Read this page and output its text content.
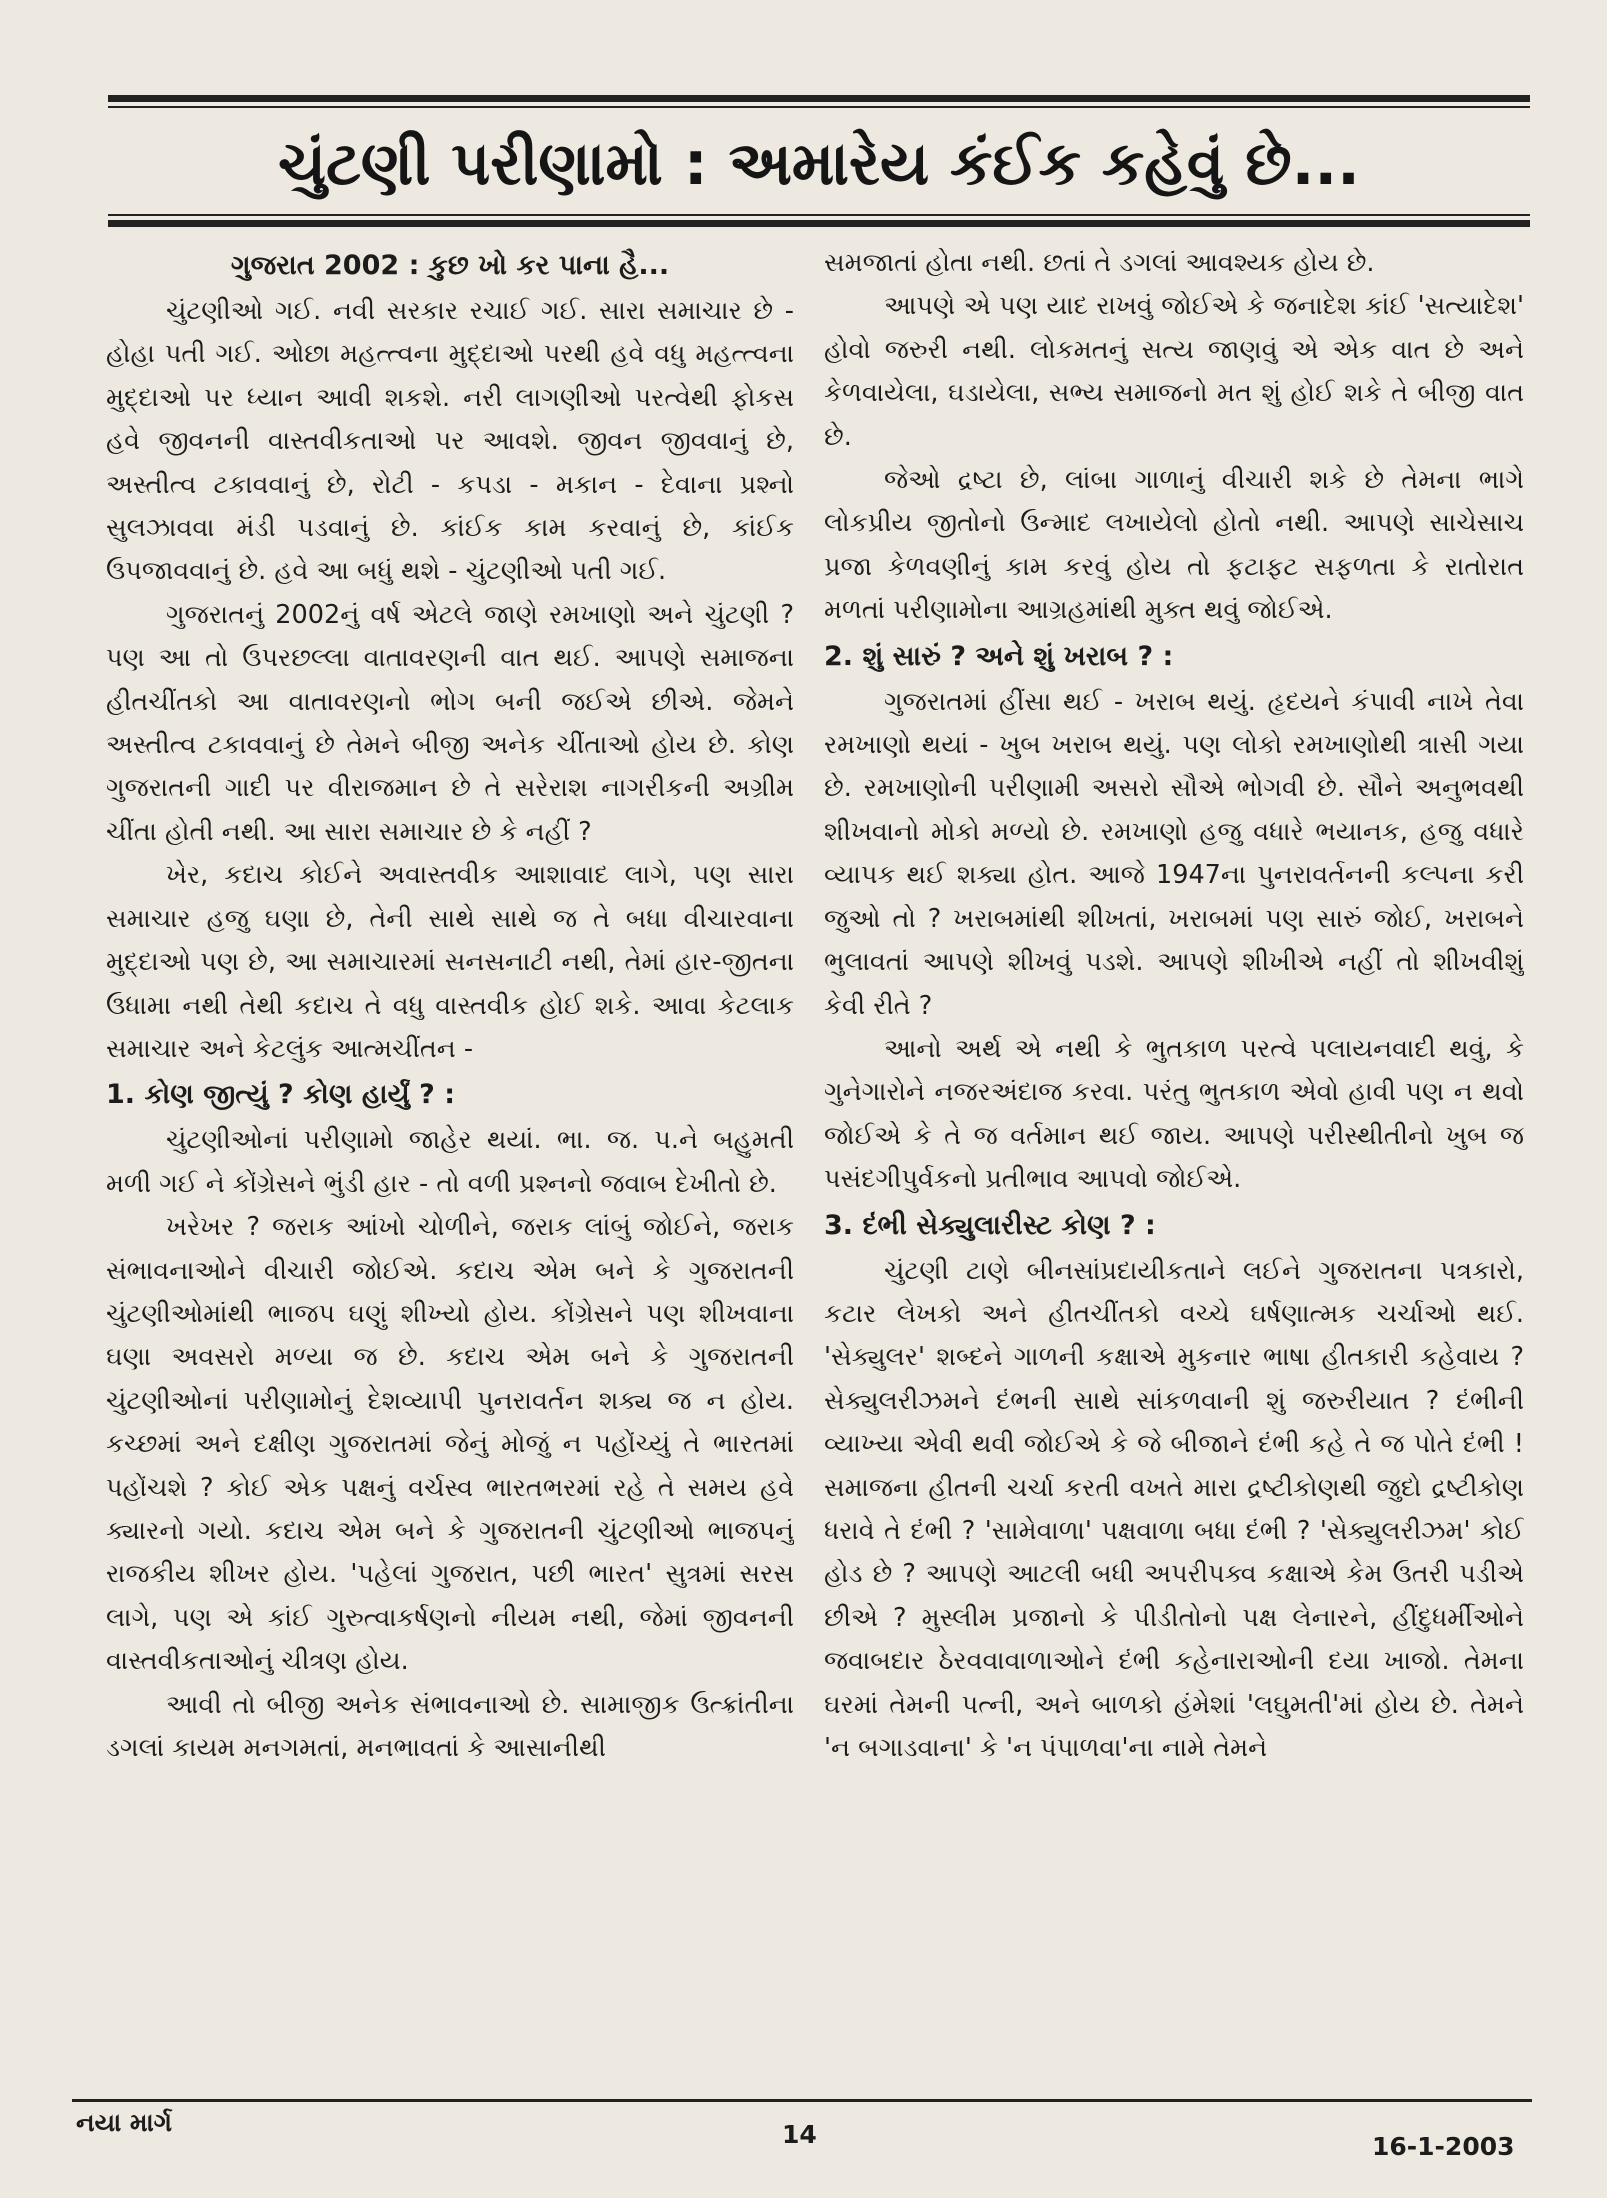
ચુંટણી પરીણામો : અમારેય કંઈક કહેવું છે...
ગુજરાત 2002 : કુછ ખો કર પાના હૈ...

ચુંટણીઓ ગઈ. નવી સરકાર રચાઈ ગઈ. સારા સમાચાર છે - હોહા પતી ગઈ. ઓછા મહત્ત્વના મુદ્દાઓ પરથી હવે વધુ મહત્ત્વના મુદ્દાઓ પર ધ્યાન આવી શકશે. નરી લાગણીઓ પરત્વેથી ફોકસ હવે જીવનની વાસ્તવીકતાઓ પર આવશે. જીવન જીવવાનું છે, અસ્તીત્વ ટકાવવાનું છે, રોટી - કપડા - મકાન - દેવાના પ્રશ્નો સુલઝાવવા મંડી પડવાનું છે. કાંઈક કામ કરવાનું છે, કાંઈક ઉપજાવવાનું છે. હવે આ બધું થશે - ચુંટણીઓ પતી ગઈ.

ગુજરાતનું 2002નું વર્ષ એટલે જાણે રમખાણો અને ચુંટણી ? પણ આ તો ઉપરછલ્લા વાતાવરણની વાત થઈ. આપણે સમાજના હીતચીંતકો આ વાતાવરણનો ભોગ બની જઈએ છીએ. જેમને અસ્તીત્વ ટકાવવાનું છે તેમને બીજી અનેક ચીંતાઓ હોય છે. કોણ ગુજરાતની ગાદી પર વીરાજમાન છે તે સરેરાશ નાગરીકની અગ્રીમ ચીંતા હોતી નથી. આ સારા સમાચાર છે કે નહીં ?

ખેર, કદાચ કોઈને અવાસ્તવીક આશાવાદ લાગે, પણ સારા સમાચાર હજુ ઘણા છે, તેની સાથે સાથે જ તે બધા વીચારવાના મુદ્દાઓ પણ છે, આ સમાચારમાં સનસનાટી નથી, તેમાં હાર-જીતના ઉધામા નથી તેથી કદાચ તે વધુ વાસ્તવીક હોઈ શકે. આવા કેટલાક સમાચાર અને કેટલુંક આત્મચીંતન -

1. કોણ જીત્યું ? કોણ હાર્યું ? :

ચુંટણીઓનાં પરીણામો જાહેર થયાં. ભા. જ. પ.ને બહુમતી મળી ગઈ ને કોંગ્રેસને ભુંડી હાર - તો વળી પ્રશ્નનો જવાબ દેખીતો છે.

ખરેખર ? જરાક આંખો ચોળીને, જરાક લાંબું જોઈને, જરાક સંભાવનાઓને વીચારી જોઈએ. કદાચ એમ બને કે ગુજરાતની ચુંટણીઓમાંથી ભાજપ ઘણું શીખ્યો હોય. કોંગ્રેસને પણ શીખવાના ઘણા અવસરો મળ્યા જ છે. કદાચ એમ બને કે ગુજરાતની ચુંટણીઓનાં પરીણામોનું દેશવ્યાપી પુનરાવર્તન શક્ય જ ન હોય. કચ્છમાં અને દક્ષીણ ગુજરાતમાં જેનું મોજું ન પહોંચ્યું તે ભારતમાં પહોંચશે ? કોઈ એક પક્ષનું વર્ચસ્વ ભારતભરમાં રહે તે સમય હવે ક્યારનો ગયો. કદાચ એમ બને કે ગુજરાતની ચુંટણીઓ ભાજપનું રાજકીય શીખર હોય. 'પહેલાં ગુજરાત, પછી ભારત' સુત્રમાં સરસ લાગે, પણ એ કાંઈ ગુરુત્વાકર્ષણનો નીયમ નથી, જેમાં જીવનની વાસ્તવીકતાઓનું ચીત્રણ હોય.

આવી તો બીજી અનેક સંભાવનાઓ છે. સામાજીક ઉત્ક્રાંતીના ડગલાં કાયમ મનગમતાં, મનભાવતાં કે આસાનીથી

સમજાતાં હોતા નથી. છતાં તે ડગલાં આવશ્યક હોય છે.

આપણે એ પણ યાદ રાખવું જોઈએ કે જનાદેશ કાંઈ 'સત્યાદેશ' હોવો જરુરી નથી. લોકમતનું સત્ય જાણવું એ એક વાત છે અને કેળવાયેલા, ઘડાયેલા, સભ્ય સમાજનો મત શું હોઈ શકે તે બીજી વાત છે.

જેઓ દ્રષ્ટા છે, લાંબા ગાળાનું વીચારી શકે છે તેમના ભાગે લોકપ્રીય જીતોનો ઉન્માદ લખાયેલો હોતો નથી. આપણે સાચેસાચ પ્રજા કેળવણીનું કામ કરવું હોય તો ફટાફટ સફળતા કે રાતોરાત મળતાં પરીણામોના આગ્રહમાંથી મુક્ત થવું જોઈએ.

2. શું સારું ? અને શું ખરાબ ? :

ગુજરાતમાં હીંસા થઈ - ખરાબ થયું. હૃદયને કંપાવી નાખે તેવા રમખાણો થયાં - ખુબ ખરાબ થયું. પણ લોકો રમખાણોથી ત્રાસી ગયા છે. રમખાણોની પરીણામી અસરો સૌએ ભોગવી છે. સૌને અનુભવથી શીખવાનો મોકો મળ્યો છે. રમખાણો હજુ વધારે ભયાનક, હજુ વધારે વ્યાપક થઈ શક્યા હોત. આજે 1947ના પુનરાવર્તનની કલ્પના કરી જુઓ તો ? ખરાબમાંથી શીખતાં, ખરાબમાં પણ સારું જોઈ, ખરાબને ભુલાવતાં આપણે શીખવું પડશે. આપણે શીખીએ નહીં તો શીખવીશું કેવી રીતે ?

આનો અર્થ એ નથી કે ભુતકાળ પરત્વે પલાયનવાદી થવું, કે ગુનેગારોને નજરઅંદાજ કરવા. પરંતુ ભુતકાળ એવો હાવી પણ ન થવો જોઈએ કે તે જ વર્તમાન થઈ જાય. આપણે પરીસ્થીતીનો ખુબ જ પસંદગીપુર્વકનો પ્રતીભાવ આપવો જોઈએ.

3. દંભી સેક્યુલારીસ્ટ કોણ ? :

ચુંટણી ટાણે બીનસાંપ્રદાયીકતાને લઈને ગુજરાતના પત્રકારો, કટાર લેખકો અને હીતચીંતકો વચ્ચે ઘર્ષણાત્મક ચર્ચાઓ થઈ. 'સેક્યુલર' શબ્દને ગાળની કક્ષાએ મુકનાર ભાષા હીતકારી કહેવાય ? સેક્યુલરીઝમને દંભની સાથે સાંકળવાની શું જરુરીયાત ? દંભીની વ્યાખ્યા એવી થવી જોઈએ કે જે બીજાને દંભી કહે તે જ પોતે દંભી ! સમાજના હીતની ચર્ચા કરતી વખતે મારા દ્રષ્ટીકોણથી જુદો દ્રષ્ટીકોણ ધરાવે તે દંભી ? 'સામેવાળા' પક્ષવાળા બધા દંભી ? 'સેક્યુલરીઝમ' કોઈ હોડ છે ? આપણે આટલી બધી અપરીપક્વ કક્ષાએ કેમ ઉતરી પડીએ છીએ ? મુસ્લીમ પ્રજાનો કે પીડીતોનો પક્ષ લેનારને, હીંદુધર્મીઓને જવાબદાર ઠેરવવાવાળાઓને દંભી કહેનારાઓની દયા ખાજો. તેમના ઘરમાં તેમની પત્ની, અને બાળકો હંમેશાં 'લઘુમતી'માં હોય છે. તેમને 'ન બગાડવાના' કે 'ન પંપાળવા'ના નામે તેમને

નયા માર્ગ	14	16-1-2003
